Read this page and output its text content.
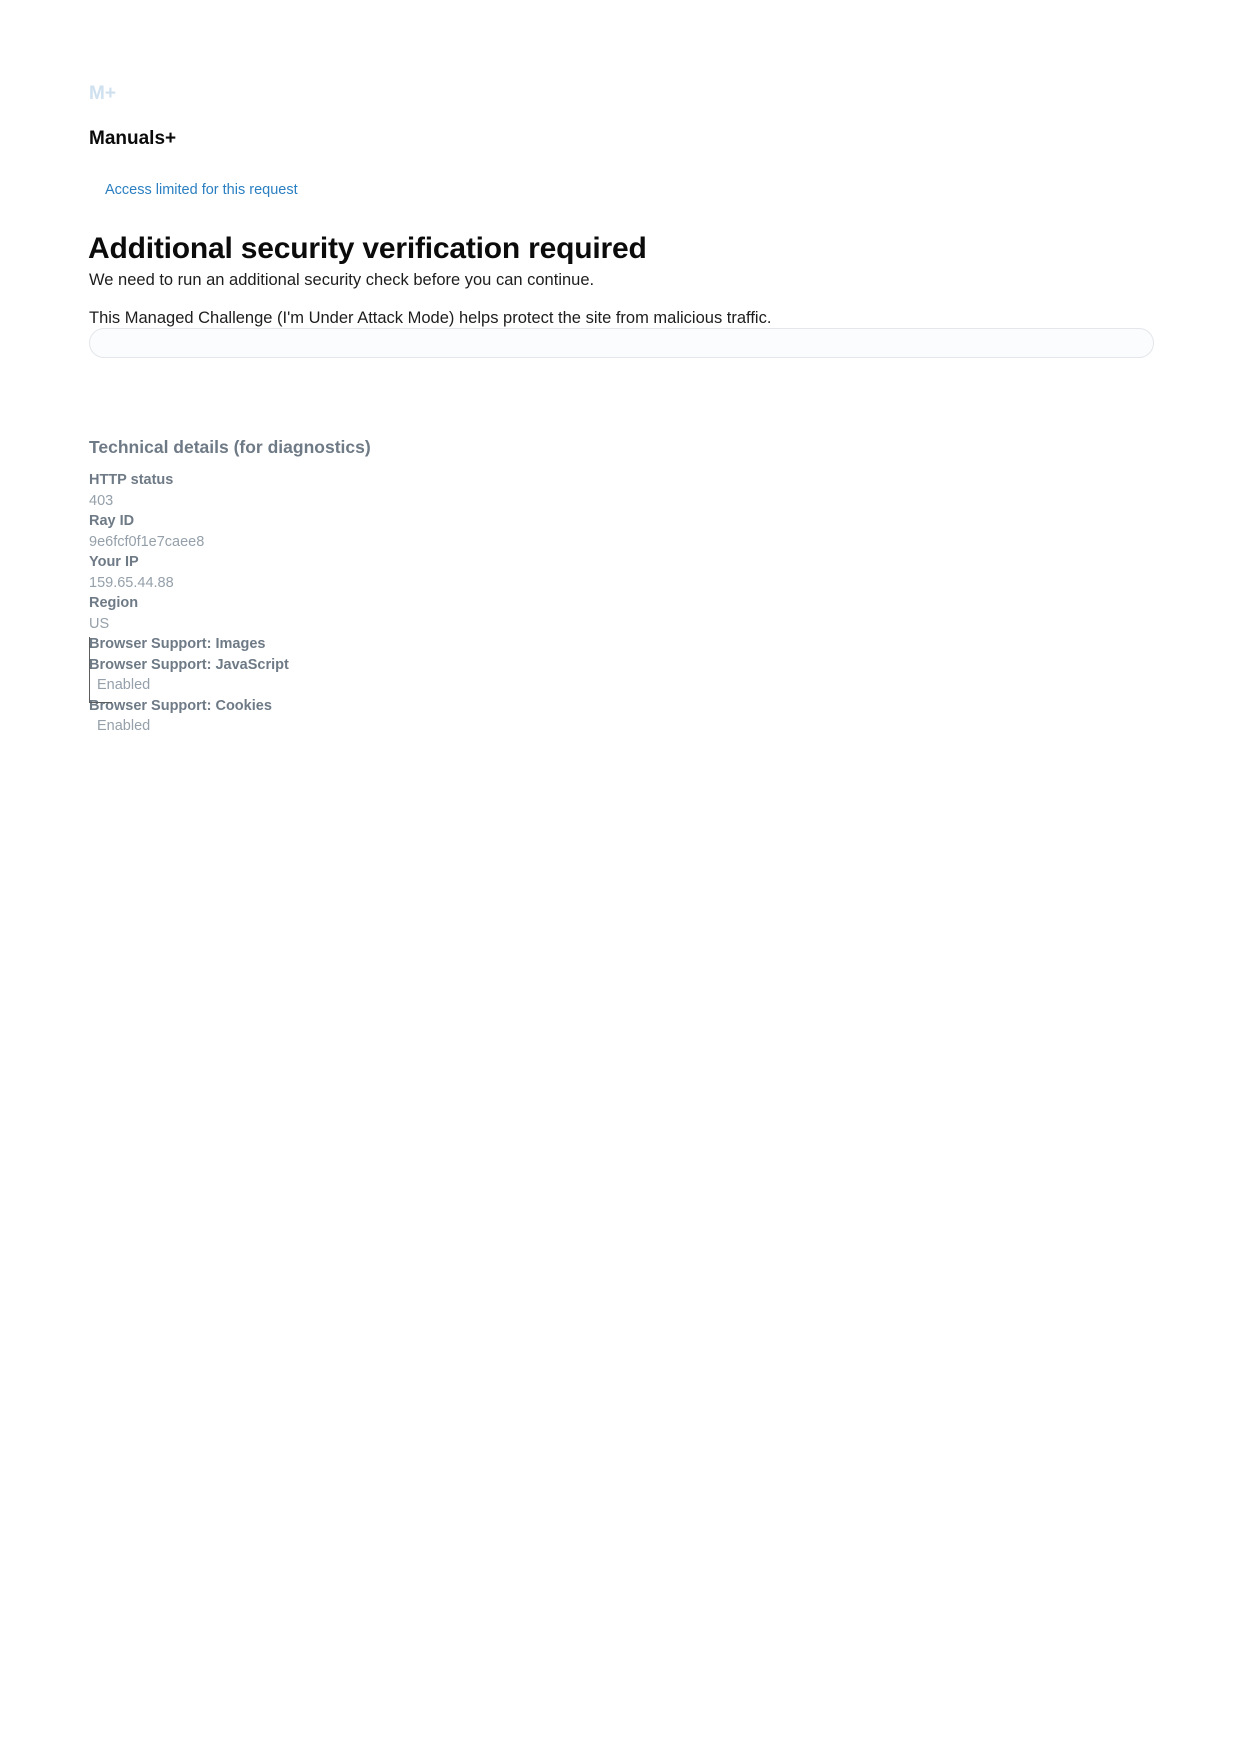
M+
Manuals+
Access limited for this request
Additional security verification required

We need to run an additional security check before you can continue.

This Managed Challenge (I'm Under Attack Mode) helps protect the site from malicious traffic.

Technical details (for diagnostics)

HTTP status

403

Ray ID

9e6fcf0f1e7caee8

Your IP

159.65.44.88

Region

US

Browser Support: Images

Browser Support: JavaScript

Enabled

Browser Support: Cookies

Enabled
